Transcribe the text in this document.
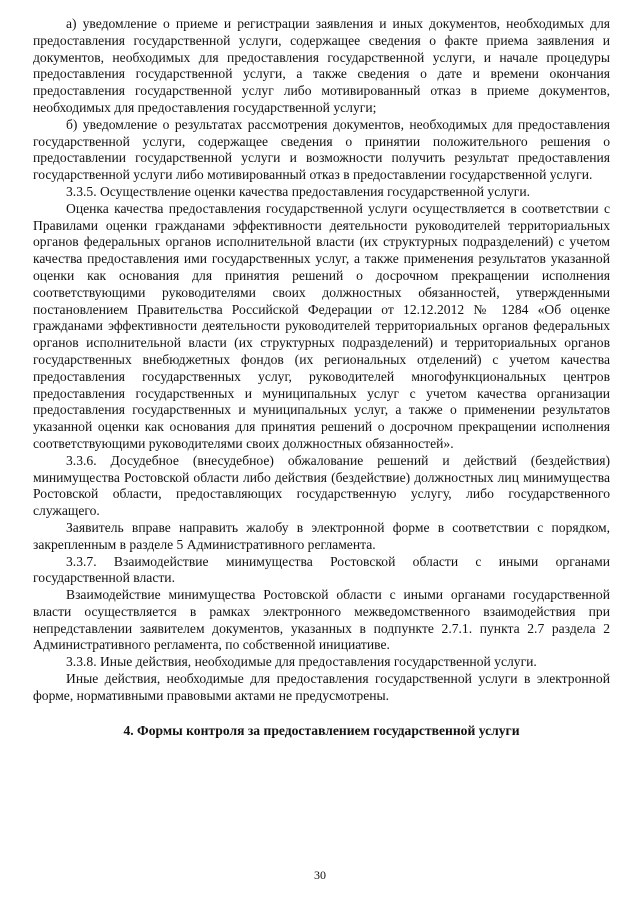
а) уведомление о приеме и регистрации заявления и иных документов, необходимых для предоставления государственной услуги, содержащее сведения о факте приема заявления и документов, необходимых для предоставления государственной услуги, и начале процедуры предоставления государственной услуги, а также сведения о дате и времени окончания предоставления государственной услуг либо мотивированный отказ в приеме документов, необходимых для предоставления государственной услуги;

б) уведомление о результатах рассмотрения документов, необходимых для предоставления государственной услуги, содержащее сведения о принятии положительного решения о предоставлении государственной услуги и возможности получить результат предоставления государственной услуги либо мотивированный отказ в предоставлении государственной услуги.

3.3.5. Осуществление оценки качества предоставления государственной услуги.

Оценка качества предоставления государственной услуги осуществляется в соответствии с Правилами оценки гражданами эффективности деятельности руководителей территориальных органов федеральных органов исполнительной власти (их структурных подразделений) с учетом качества предоставления ими государственных услуг, а также применения результатов указанной оценки как основания для принятия решений о досрочном прекращении исполнения соответствующими руководителями своих должностных обязанностей, утвержденными постановлением Правительства Российской Федерации от 12.12.2012 № 1284 «Об оценке гражданами эффективности деятельности руководителей территориальных органов федеральных органов исполнительной власти (их структурных подразделений) и территориальных органов государственных внебюджетных фондов (их региональных отделений) с учетом качества предоставления государственных услуг, руководителей многофункциональных центров предоставления государственных и муниципальных услуг с учетом качества организации предоставления государственных и муниципальных услуг, а также о применении результатов указанной оценки как основания для принятия решений о досрочном прекращении исполнения соответствующими руководителями своих должностных обязанностей».

3.3.6. Досудебное (внесудебное) обжалование решений и действий (бездействия) минимущества Ростовской области либо действия (бездействие) должностных лиц минимущества Ростовской области, предоставляющих государственную услугу, либо государственного служащего.

Заявитель вправе направить жалобу в электронной форме в соответствии с порядком, закрепленным в разделе 5 Административного регламента.

3.3.7. Взаимодействие минимущества Ростовской области с иными органами государственной власти.

Взаимодействие минимущества Ростовской области с иными органами государственной власти осуществляется в рамках электронного межведомственного взаимодействия при непредставлении заявителем документов, указанных в подпункте 2.7.1. пункта 2.7 раздела 2 Административного регламента, по собственной инициативе.

3.3.8. Иные действия, необходимые для предоставления государственной услуги.

Иные действия, необходимые для предоставления государственной услуги в электронной форме, нормативными правовыми актами не предусмотрены.

4. Формы контроля за предоставлением государственной услуги
30
